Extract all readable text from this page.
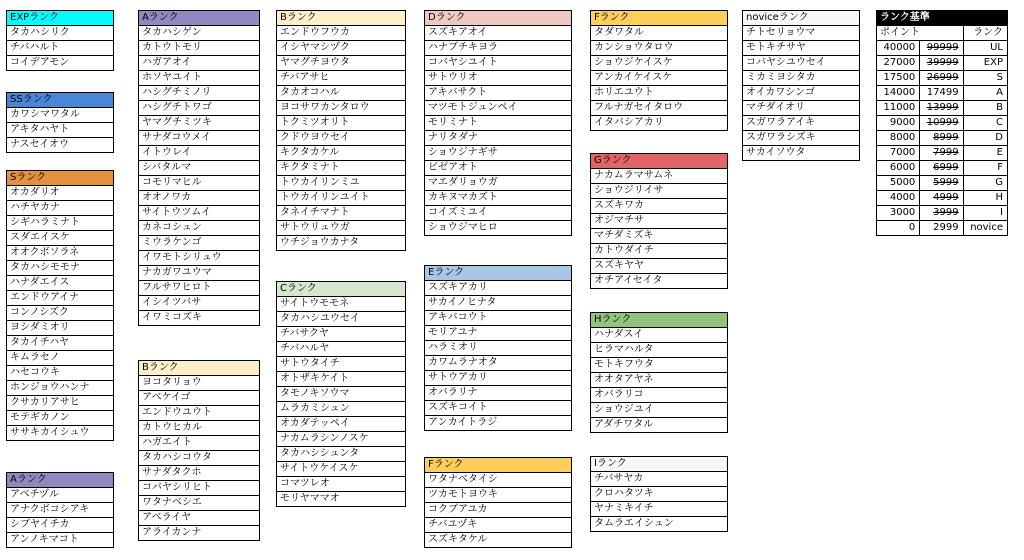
EXPランク
タカハシリク
チバハルト
コイデアモン
SSランク
カワシマワタル
アキタハヤト
ナスセイオウ
Sランク
オカダリオ
ハチヤカナ
シギハラミナト
スダエイスケ
オオクボソラネ
タカハシモモナ
ハナダエイス
エンドウアイナ
コンノシズク
ヨシダミオリ
タカイチハヤ
キムラセノ
ハセコウキ
ホンジョウハンナ
クサカリアサヒ
モテギカノン
ササキカイシュウ
Aランク
アベチヅル
アナクボコシアキ
シブヤイチカ
アンノキマコト
Aランク
タカハシゲン
カトウトモリ
ハガアオイ
ホソヤユイト
ハシグチミノリ
ハシグチトワゴ
ヤマグチミツキ
サナダコウメイ
イトウレイ
シバタルマ
コモリマヒル
オオノワカ
サイトウツムイ
カネコシュン
ミウラケンゴ
イワモトシリュウ
ナカガワユウマ
フルサワヒロト
イシイツバサ
イワミコズキ
Bランク
ヨコタリョウ
アベケイゴ
エンドウユウト
カトウヒカル
ハガエイト
タカハシコウタ
サナダタクホ
コバヤシリヒト
ワタナベシエ
アベライヤ
アライカンナ
Bランク
エンドウフウカ
イシヤマシヅク
ヤマグチヨウタ
チバアサヒ
タカオコハル
ヨコサワカンタロウ
トクミツオリト
クドウヨウセイ
キクタカケル
キクタミナト
トウカイリンミユ
トウカイリンユイト
タネイチマナト
サトウリュウガ
ウチジョウカナタ
Cランク
サイトウモモネ
タカハシユウセイ
チバサクヤ
チバハルヤ
サトウタイチ
オトザキケイト
タモノキソウマ
ムラカミシュン
オカダテッペイ
ナカムラシンノスケ
タカハシシュンタ
サイトウケイスケ
コマツレオ
モリヤママオ
Dランク
スズキアオイ
ハナブチキヨラ
コバヤシユイト
サトウリオ
アキバサクト
マツモトジュンペイ
モリミナト
ナリタダナ
ショウジナギサ
ビゼアオト
マエダリョウガ
カキヌマカズト
コイズミユイ
ショウジマヒロ
Eランク
スズキアカリ
サカイノヒナタ
アキバコウト
モリアユナ
ハラミオリ
カワムラナオタ
サトウアカリ
オバラリナ
スズキコイト
アンカイトラジ
Fランク
ワタナベタイシ
ツカモトヨウキ
コクブアユカ
チバユヅキ
スズキタケル
Fランク
タダワタル
カンショウタロウ
ショウジケイスケ
アンカイケイスケ
ホリエユウト
フルナガセイタロウ
イタバシアカリ
Gランク
ナカムラマサムネ
ショウジリイサ
スズキワカ
オジマチサ
マチダミズキ
カトウダイチ
スズキヤヤ
オチアイセイタ
Hランク
ハナダスイ
ヒラマハルタ
モトキフウタ
オオタアヤネ
オバラリコ
ショウジユイ
アダチワタル
Iランク
チバサヤカ
クロハタツキ
ヤナミキイチ
タムラエイシュン
noviceランク
チトセリョウマ
モトキチサヤ
コバヤシユウセイ
ミカミヨシタカ
オイカワシンゴ
マチダイオリ
スガワラアイキ
スガワラシズキ
サカイソウタ
ランク基準		
ポイント		ランク
40000	99999	UL
27000	39999	EXP
17500	26999	S
14000	17499	A
11000	13999	B
9000	10999	C
8000	8999	D
7000	7999	E
6000	6999	F
5000	5999	G
4000	4999	H
3000	3999	I
0	2999	novice
